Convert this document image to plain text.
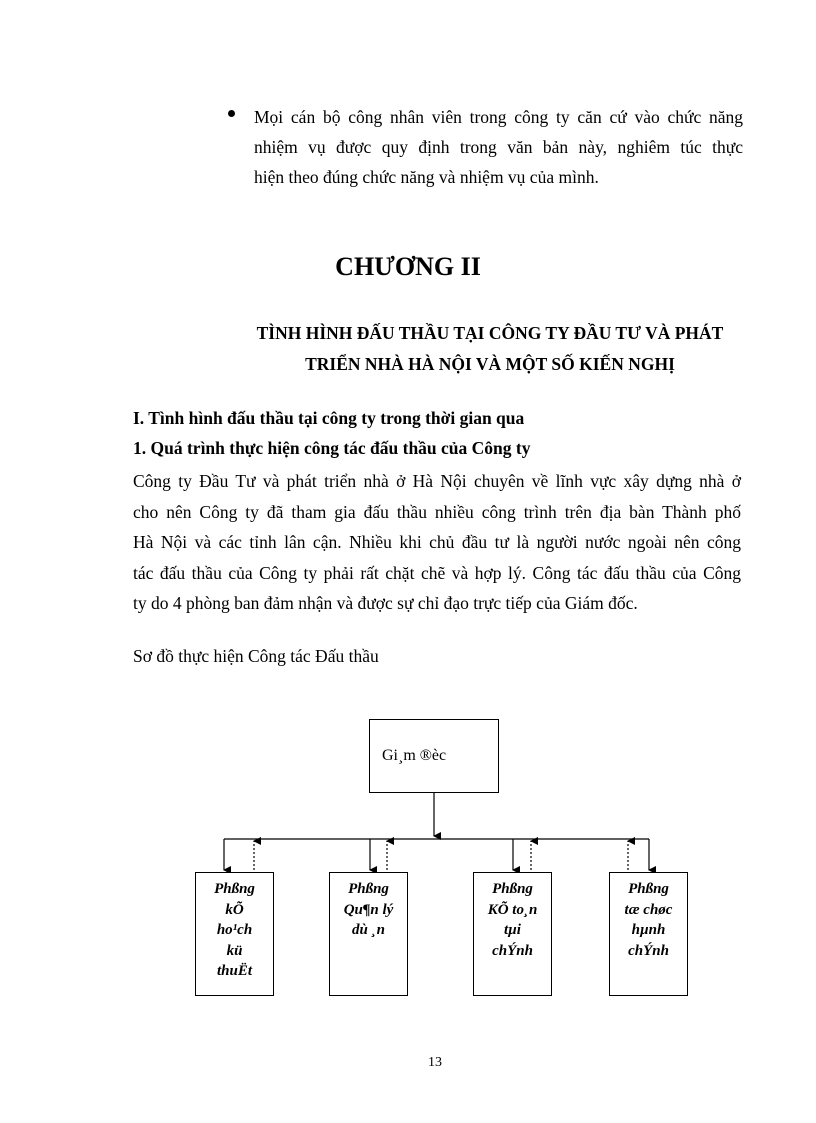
Mọi cán bộ công nhân viên trong công ty căn cứ vào chức năng
nhiệm vụ được quy định trong văn bản này, nghiêm túc thực
hiện theo đúng chức năng và nhiệm vụ của mình.
CHƯƠNG II
TÌNH HÌNH ĐẤU THẦU TẠI CÔNG TY ĐẦU TƯ VÀ PHÁT
TRIỂN NHÀ HÀ NỘI VÀ MỘT SỐ KIẾN NGHỊ
I. Tình hình đấu thầu tại công ty trong thời gian qua
1. Quá trình thực hiện công tác đấu thầu của Công ty
Công ty Đầu Tư và phát triển nhà ở Hà Nội chuyên về lĩnh vực xây dựng nhà ở
cho nên Công ty đã tham gia đấu thầu nhiều công trình trên địa bàn Thành phố
Hà Nội và các tỉnh lân cận. Nhiều khi chủ đầu tư là người nước ngoài nên công
tác đấu thầu của Công ty phải rất chặt chẽ và hợp lý. Công tác đấu thầu của Công
ty do 4 phòng ban đảm nhận và được sự chỉ đạo trực tiếp của Giám đốc.
Sơ đồ thực hiện Công tác Đấu thầu
Gi¸m ®èc
Phßng
kÕ
ho¹ch
kü
thuËt
Phßng
Qu¶n lý
dù ¸n
Phßng
KÕ to¸n
tµi
chÝnh
Phßng
tæ chøc
hµnh
chÝnh
13
